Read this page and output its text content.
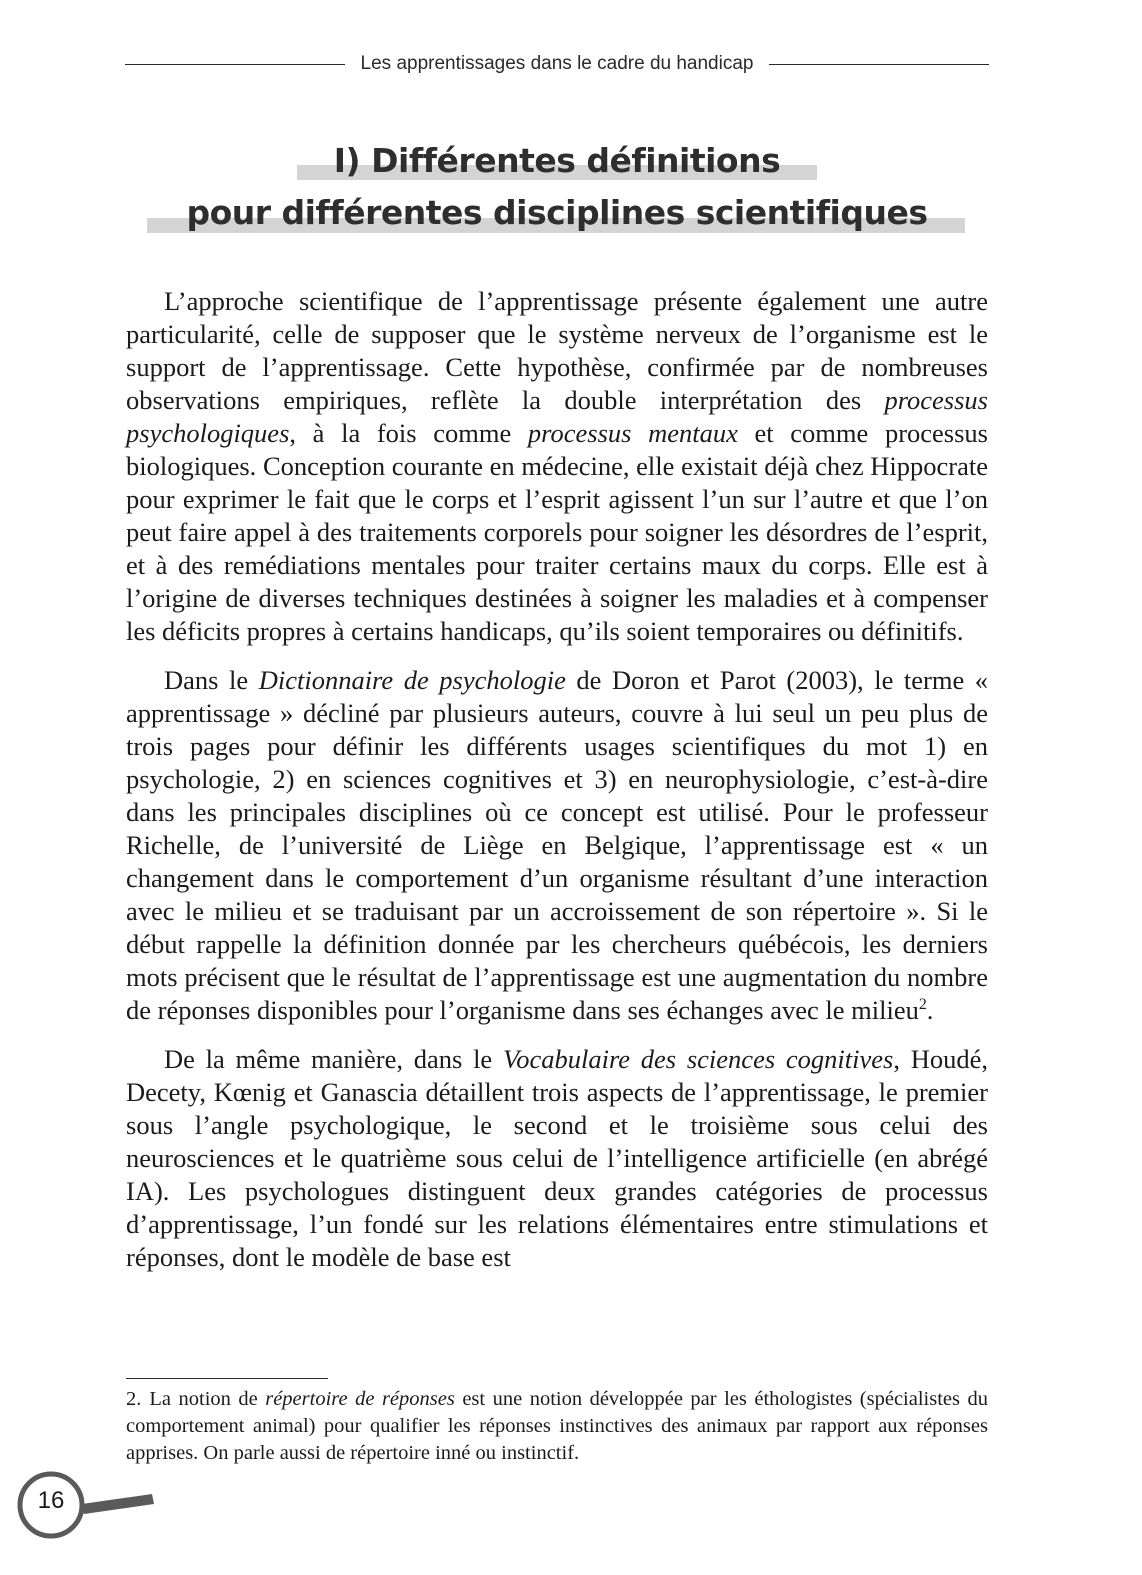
Les apprentissages dans le cadre du handicap
I) Différentes définitions
pour différentes disciplines scientifiques

L’approche scientifique de l’apprentissage présente également une autre particularité, celle de supposer que le système nerveux de l’organisme est le support de l’apprentissage. Cette hypothèse, confirmée par de nombreuses observations empiriques, reflète la double interprétation des processus psychologiques, à la fois comme processus mentaux et comme processus biologiques. Conception courante en médecine, elle existait déjà chez Hippocrate pour exprimer le fait que le corps et l’esprit agissent l’un sur l’autre et que l’on peut faire appel à des traitements corporels pour soigner les désordres de l’esprit, et à des remédiations mentales pour traiter certains maux du corps. Elle est à l’origine de diverses techniques destinées à soigner les maladies et à compenser les déficits propres à certains handicaps, qu’ils soient temporaires ou définitifs.

Dans le Dictionnaire de psychologie de Doron et Parot (2003), le terme « apprentissage » décliné par plusieurs auteurs, couvre à lui seul un peu plus de trois pages pour définir les différents usages scientifiques du mot 1) en psychologie, 2) en sciences cognitives et 3) en neurophysiologie, c’est-à-dire dans les principales disciplines où ce concept est utilisé. Pour le professeur Richelle, de l’université de Liège en Belgique, l’apprentissage est « un changement dans le comportement d’un organisme résultant d’une interaction avec le milieu et se traduisant par un accroissement de son répertoire ». Si le début rappelle la définition donnée par les chercheurs québécois, les derniers mots précisent que le résultat de l’apprentissage est une augmentation du nombre de réponses disponibles pour l’organisme dans ses échanges avec le milieu$^2$.

De la même manière, dans le Vocabulaire des sciences cognitives, Houdé, Decety, Kœnig et Ganascia détaillent trois aspects de l’apprentissage, le premier sous l’angle psychologique, le second et le troisième sous celui des neurosciences et le quatrième sous celui de l’intelligence artificielle (en abrégé IA). Les psychologues distinguent deux grandes catégories de processus d’apprentissage, l’un fondé sur les relations élémentaires entre stimulations et réponses, dont le modèle de base est

2. La notion de répertoire de réponses est une notion développée par les éthologistes (spécialistes du comportement animal) pour qualifier les réponses instinctives des animaux par rapport aux réponses apprises. On parle aussi de répertoire inné ou instinctif.
16
